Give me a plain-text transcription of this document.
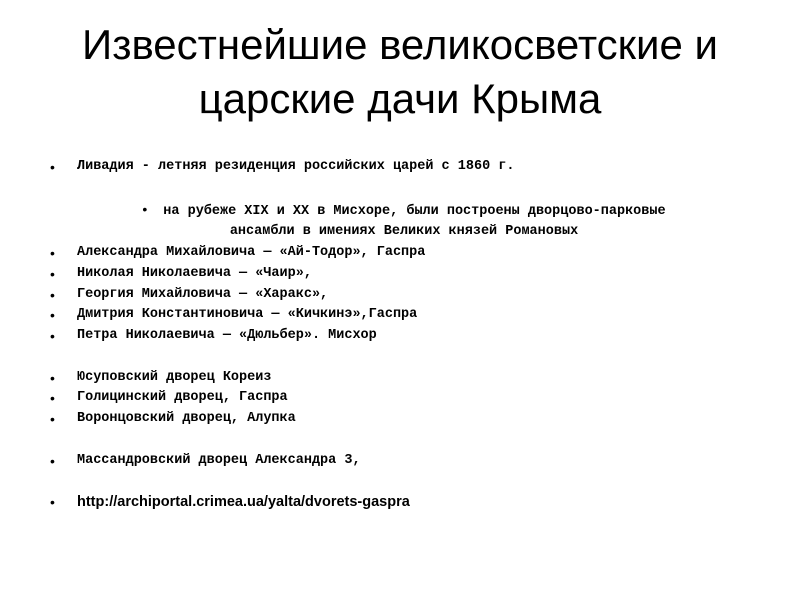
Известнейшие великосветские и
царские дачи Крыма
• Ливадия - летняя резиденция российских царей с 1860 г.
• на рубеже XIX и XX в Мисхоре, были построены дворцово-парковые
ансамбли в имениях Великих князей Романовых
• Александра Михайловича — «Ай-Тодор», Гаспра
• Николая Николаевича — «Чаир»,
• Георгия Михайловича — «Харакс»,
• Дмитрия Константиновича — «Кичкинэ»,Гаспра
• Петра Николаевича — «Дюльбер». Мисхор
• Юсуповский дворец Кореиз
• Голицинский дворец, Гаспра
• Воронцовский дворец, Алупка
• Массандровский дворец Александра 3,
• http://archiportal.crimea.ua/yalta/dvorets-gaspra
